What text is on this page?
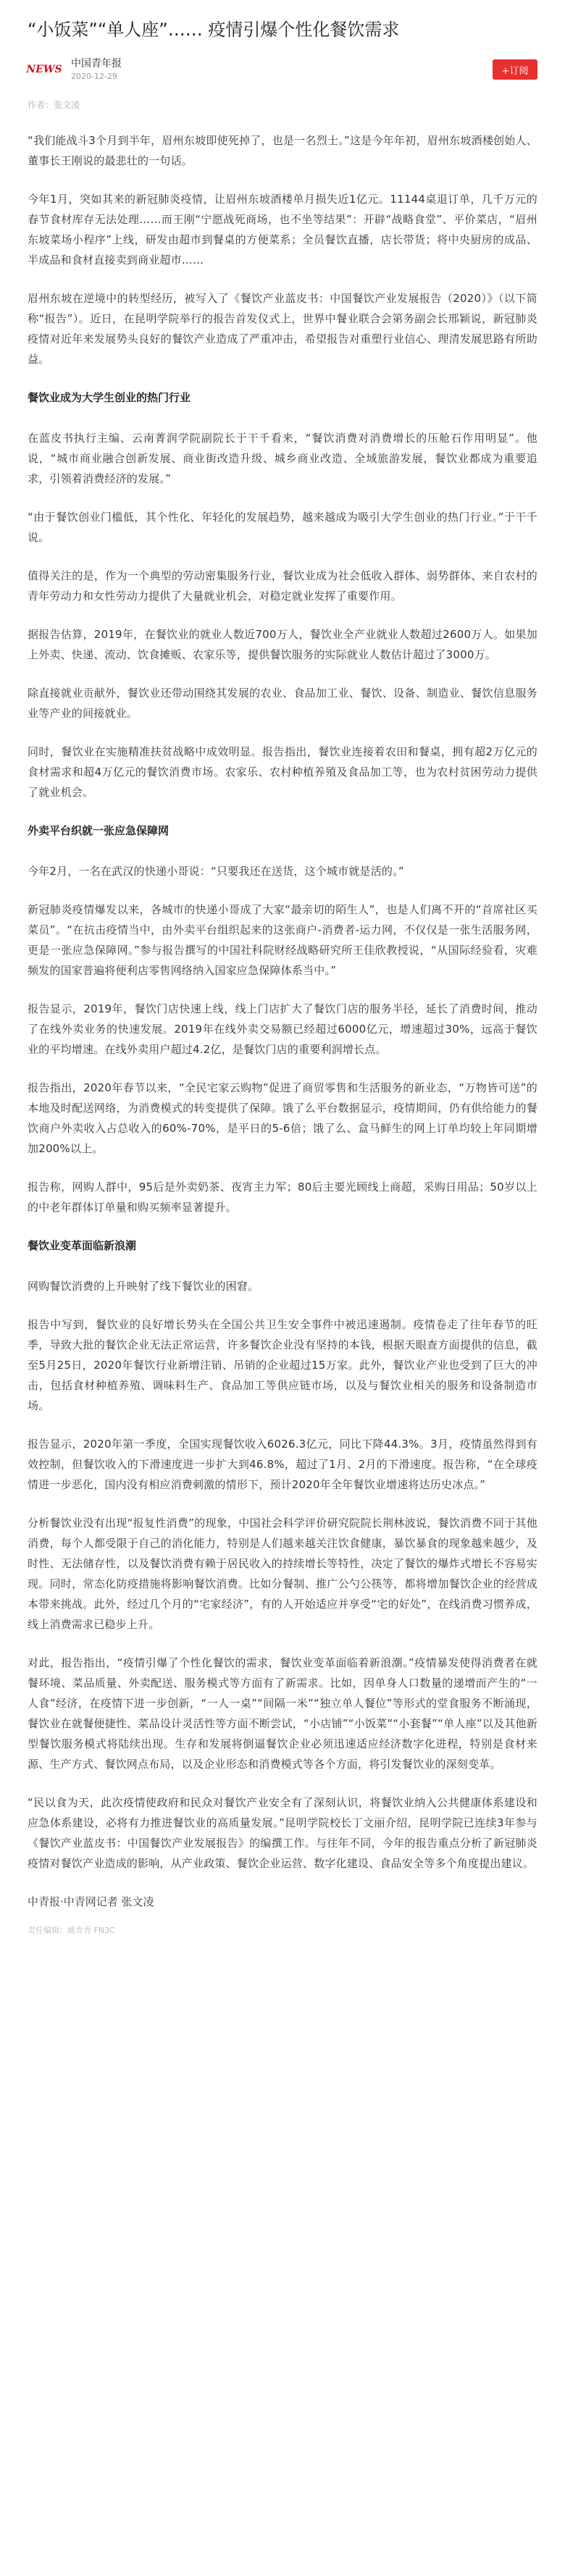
“小饭菜”“单人座”…… 疫情引爆个性化餐饮需求
NEWS 中国青年报
2020-12-29	+订阅
作者：张文凌

“我们能战斗3个月到半年，眉州东坡即使死掉了，也是一名烈士。”这是今年年初，眉州东坡酒楼创始人、董事长王刚说的最悲壮的一句话。

今年1月，突如其来的新冠肺炎疫情，让眉州东坡酒楼单月损失近1亿元。11144桌退订单，几千万元的春节食材库存无法处理……而王刚“宁愿战死商场，也不坐等结果”：开辟“战略食堂”、平价菜店，“眉州东坡菜场小程序”上线，研发由超市到餐桌的方便菜系；全员餐饮直播，店长带货；将中央厨房的成品、半成品和食材直接卖到商业超市……

眉州东坡在逆境中的转型经历，被写入了《餐饮产业蓝皮书：中国餐饮产业发展报告（2020）》（以下简称“报告”）。近日，在昆明学院举行的报告首发仪式上，世界中餐业联合会第务副会长邢颖说，新冠肺炎疫情对近年来发展势头良好的餐饮产业造成了严重冲击，希望报告对重塑行业信心、理清发展思路有所助益。

餐饮业成为大学生创业的热门行业

在蓝皮书执行主编、云南菁润学院副院长于干千看来，“餐饮消费对消费增长的压舱石作用明显”。他说，“城市商业融合创新发展、商业街改造升级、城乡商业改造、全域旅游发展，餐饮业都成为重要追求，引领着消费经济的发展。”

“由于餐饮创业门槛低，其个性化、年轻化的发展趋势，越来越成为吸引大学生创业的热门行业。”于干千说。

值得关注的是，作为一个典型的劳动密集服务行业，餐饮业成为社会低收入群体、弱势群体、来自农村的青年劳动力和女性劳动力提供了大量就业机会，对稳定就业发挥了重要作用。

据报告估算，2019年，在餐饮业的就业人数近700万人，餐饮业全产业就业人数超过2600万人。如果加上外卖、快递、流动、饮食摊贩、农家乐等，提供餐饮服务的实际就业人数估计超过了3000万。

除直接就业贡献外，餐饮业还带动围绕其发展的农业、食品加工业、餐饮、设备、制造业、餐饮信息服务业等产业的间接就业。

同时，餐饮业在实施精准扶贫战略中成效明显。报告指出，餐饮业连接着农田和餐桌，拥有超2万亿元的食材需求和超4万亿元的餐饮消费市场。农家乐、农村种植养殖及食品加工等，也为农村贫困劳动力提供了就业机会。

外卖平台织就一张应急保障网

今年2月，一名在武汉的快递小哥说：“只要我还在送货，这个城市就是活的。”

新冠肺炎疫情爆发以来，各城市的快递小哥成了大家“最亲切的陌生人”，也是人们离不开的“首席社区买菜员”。“在抗击疫情当中，由外卖平台组织起来的这张商户-消费者-运力网，不仅仅是一张生活服务网，更是一张应急保障网。”参与报告撰写的中国社科院财经战略研究所王佳欣教授说，“从国际经验看，灾难频发的国家普遍将便利店零售网络纳入国家应急保障体系当中。”

报告显示，2019年，餐饮门店快速上线，线上门店扩大了餐饮门店的服务半径，延长了消费时间，推动了在线外卖业务的快速发展。2019年在线外卖交易额已经超过6000亿元，增速超过30%，远高于餐饮业的平均增速。在线外卖用户超过4.2亿，是餐饮门店的重要利润增长点。

报告指出，2020年春节以来，“全民宅家云购物”促进了商贸零售和生活服务的新业态，“万物皆可送”的本地及时配送网络，为消费模式的转变提供了保障。饿了么平台数据显示，疫情期间，仍有供给能力的餐饮商户外卖收入占总收入的60%-70%，是平日的5-6倍；饿了么、盒马鲜生的网上订单均较上年同期增加200%以上。

报告称，网购人群中，95后是外卖奶茶、夜宵主力军；80后主要光顾线上商超，采购日用品；50岁以上的中老年群体订单量和购买频率显著提升。

餐饮业变革面临新浪潮

网购餐饮消费的上升映射了线下餐饮业的困窘。

报告中写到，餐饮业的良好增长势头在全国公共卫生安全事件中被迅速遏制。疫情卷走了往年春节的旺季，导致大批的餐饮企业无法正常运营，许多餐饮企业没有坚持的本钱，根据天眼查方面提供的信息，截至5月25日，2020年餐饮行业新增注销、吊销的企业超过15万家。此外，餐饮业产业也受到了巨大的冲击，包括食材种植养殖、调味料生产、食品加工等供应链市场，以及与餐饮业相关的服务和设备制造市场。

报告显示，2020年第一季度，全国实现餐饮收入6026.3亿元，同比下降44.3%。3月，疫情虽然得到有效控制，但餐饮收入的下滑速度进一步扩大到46.8%，超过了1月、2月的下滑速度。报告称，“在全球疫情进一步恶化，国内没有相应消费刺激的情形下，预计2020年全年餐饮业增速将达历史冰点。”

分析餐饮业没有出现“报复性消费”的现象，中国社会科学评价研究院院长荆林波说，餐饮消费不同于其他消费，每个人都受限于自己的消化能力，特别是人们越来越关注饮食健康，暴饮暴食的现象越来越少，及时性、无法储存性，以及餐饮消费有赖于居民收入的持续增长等特性，决定了餐饮的爆炸式增长不容易实现。同时，常态化防疫措施将影响餐饮消费。比如分餐制、推广公勺公筷等，都将增加餐饮企业的经营成本带来挑战。此外，经过几个月的“宅家经济”，有的人开始适应并享受“宅的好处”，在线消费习惯养成，线上消费需求已稳步上升。

对此，报告指出，“疫情引爆了个性化餐饮的需求，餐饮业变革面临着新浪潮。”疫情暴发使得消费者在就餐环境、菜品质量、外卖配送、服务模式等方面有了新需求。比如，因单身人口数量的递增而产生的“一人食”经济，在疫情下进一步创新，“一人一桌”“间隔一米”“独立单人餐位”等形式的堂食服务不断涌现，餐饮业在就餐便捷性、菜品设计灵活性等方面不断尝试，“小店铺”“小饭菜”“小套餐”“单人座”以及其他新型餐饮服务模式将陆续出现。生存和发展将倒逼餐饮企业必须迅速适应经济数字化进程，特别是食材来源、生产方式、餐饮网点布局，以及企业形态和消费模式等各个方面，将引发餐饮业的深刻变革。

“民以食为天，此次疫情使政府和民众对餐饮产业安全有了深刻认识，将餐饮业纳入公共健康体系建设和应急体系建设，必将有力推进餐饮业的高质量发展。”昆明学院校长丁文丽介绍，昆明学院已连续3年参与《餐饮产业蓝皮书：中国餐饮产业发展报告》的编撰工作。与往年不同，今年的报告重点分析了新冠肺炎疫情对餐饮产业造成的影响，从产业政策、餐饮企业运营、数字化建设、食品安全等多个角度提出建议。

中青报·中青网记者 张文凌
责任编辑：姚青青 FN3C
